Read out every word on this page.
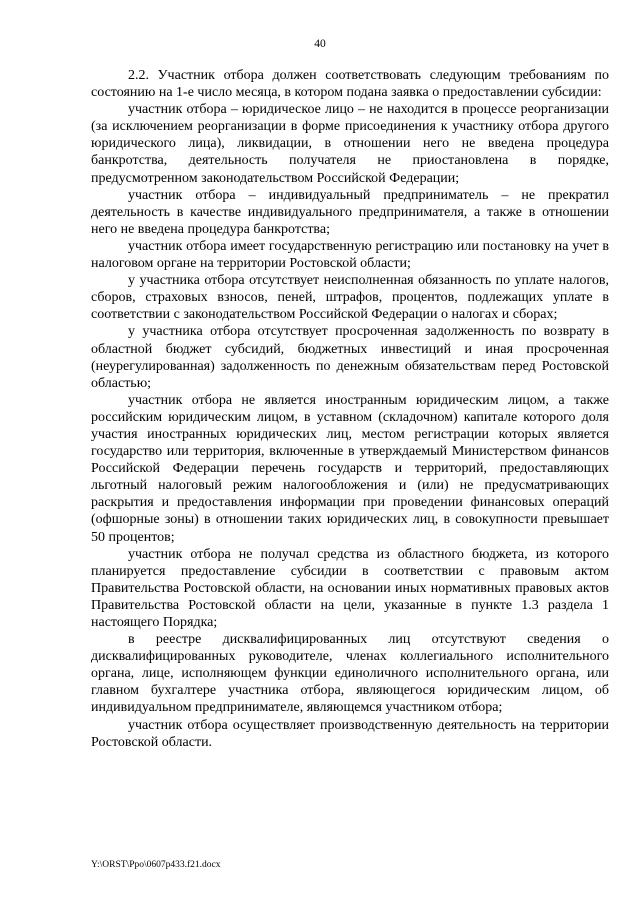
40

2.2. Участник отбора должен соответствовать следующим требованиям по состоянию на 1-е число месяца, в котором подана заявка о предоставлении субсидии:

участник отбора – юридическое лицо – не находится в процессе реорганизации (за исключением реорганизации в форме присоединения к участнику отбора другого юридического лица), ликвидации, в отношении него не введена процедура банкротства, деятельность получателя не приостановлена в порядке, предусмотренном законодательством Российской Федерации;

участник отбора – индивидуальный предприниматель – не прекратил деятельность в качестве индивидуального предпринимателя, а также в отношении него не введена процедура банкротства;

участник отбора имеет государственную регистрацию или постановку на учет в налоговом органе на территории Ростовской области;

у участника отбора отсутствует неисполненная обязанность по уплате налогов, сборов, страховых взносов, пеней, штрафов, процентов, подлежащих уплате в соответствии с законодательством Российской Федерации о налогах и сборах;

у участника отбора отсутствует просроченная задолженность по возврату в областной бюджет субсидий, бюджетных инвестиций и иная просроченная (неурегулированная) задолженность по денежным обязательствам перед Ростовской областью;

участник отбора не является иностранным юридическим лицом, а также российским юридическим лицом, в уставном (складочном) капитале которого доля участия иностранных юридических лиц, местом регистрации которых является государство или территория, включенные в утверждаемый Министерством финансов Российской Федерации перечень государств и территорий, предоставляющих льготный налоговый режим налогообложения и (или) не предусматривающих раскрытия и предоставления информации при проведении финансовых операций (офшорные зоны) в отношении таких юридических лиц, в совокупности превышает 50 процентов;

участник отбора не получал средства из областного бюджета, из которого планируется предоставление субсидии в соответствии с правовым актом Правительства Ростовской области, на основании иных нормативных правовых актов Правительства Ростовской области на цели, указанные в пункте 1.3 раздела 1 настоящего Порядка;

в реестре дисквалифицированных лиц отсутствуют сведения о дисквалифицированных руководителе, членах коллегиального исполнительного органа, лице, исполняющем функции единоличного исполнительного органа, или главном бухгалтере участника отбора, являющегося юридическим лицом, об индивидуальном предпринимателе, являющемся участником отбора;

участник отбора осуществляет производственную деятельность на территории Ростовской области.

Y:\ORST\Ppo\0607p433.f21.docx
